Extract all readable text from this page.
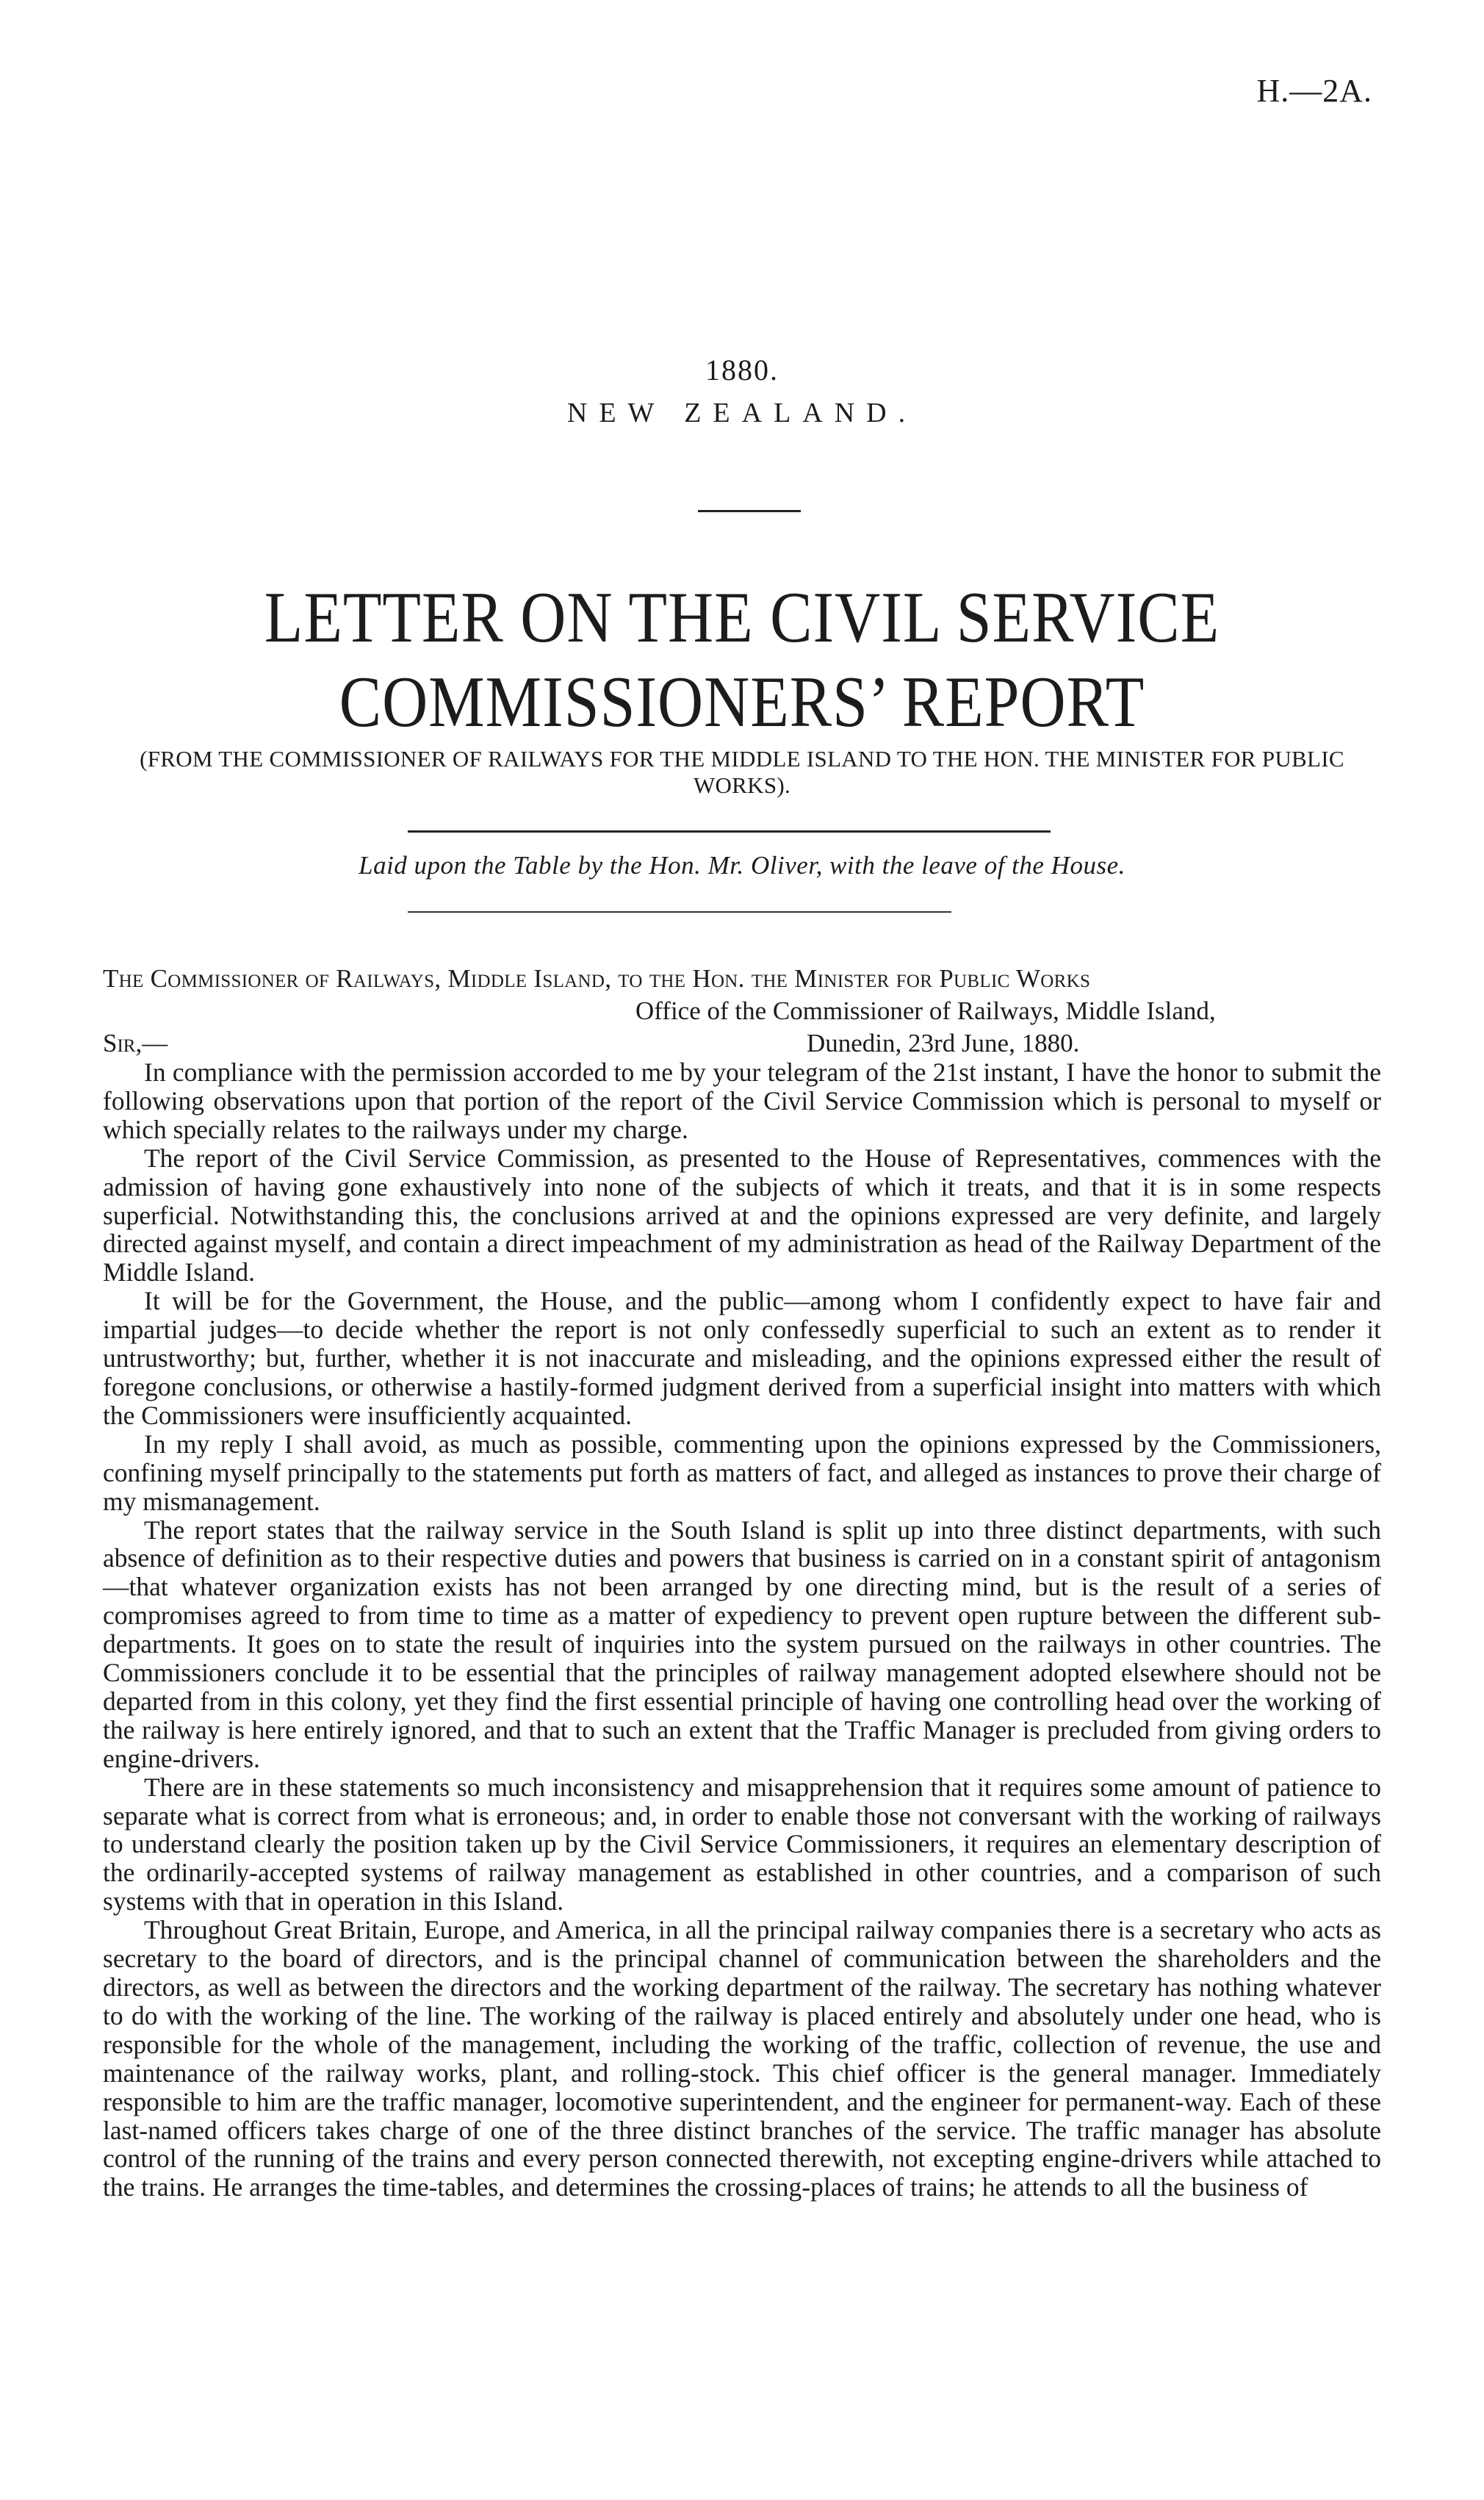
H.—2A.
1880.
NEW ZEALAND.
LETTER ON THE CIVIL SERVICE COMMISSIONERS’ REPORT
(FROM THE COMMISSIONER OF RAILWAYS FOR THE MIDDLE ISLAND TO THE HON. THE MINISTER FOR PUBLIC WORKS).
Laid upon the Table by the Hon. Mr. Oliver, with the leave of the House.
The Commissioner of Railways, Middle Island, to the Hon. the Minister for Public Works
Office of the Commissioner of Railways, Middle Island,
Sir,—	Dunedin, 23rd June, 1880.

In compliance with the permission accorded to me by your telegram of the 21st instant, I have the honor to submit the following observations upon that portion of the report of the Civil Service Commission which is personal to myself or which specially relates to the railways under my charge.

The report of the Civil Service Commission, as presented to the House of Representatives, commences with the admission of having gone exhaustively into none of the subjects of which it treats, and that it is in some respects superficial. Notwithstanding this, the conclusions arrived at and the opinions expressed are very definite, and largely directed against myself, and contain a direct impeachment of my administration as head of the Railway Department of the Middle Island.

It will be for the Government, the House, and the public—among whom I confidently expect to have fair and impartial judges—to decide whether the report is not only confessedly superficial to such an extent as to render it untrustworthy; but, further, whether it is not inaccurate and misleading, and the opinions expressed either the result of foregone conclusions, or otherwise a hastily-formed judgment derived from a superficial insight into matters with which the Commissioners were insufficiently acquainted.

In my reply I shall avoid, as much as possible, commenting upon the opinions expressed by the Commissioners, confining myself principally to the statements put forth as matters of fact, and alleged as instances to prove their charge of my mismanagement.

The report states that the railway service in the South Island is split up into three distinct departments, with such absence of definition as to their respective duties and powers that business is carried on in a constant spirit of antagonism—that whatever organization exists has not been arranged by one directing mind, but is the result of a series of compromises agreed to from time to time as a matter of expediency to prevent open rupture between the different sub-departments. It goes on to state the result of inquiries into the system pursued on the railways in other countries. The Commissioners conclude it to be essential that the principles of railway management adopted elsewhere should not be departed from in this colony, yet they find the first essential principle of having one controlling head over the working of the railway is here entirely ignored, and that to such an extent that the Traffic Manager is precluded from giving orders to engine-drivers.

There are in these statements so much inconsistency and misapprehension that it requires some amount of patience to separate what is correct from what is erroneous; and, in order to enable those not conversant with the working of railways to understand clearly the position taken up by the Civil Service Commissioners, it requires an elementary description of the ordinarily-accepted systems of railway management as established in other countries, and a comparison of such systems with that in operation in this Island.

Throughout Great Britain, Europe, and America, in all the principal railway companies there is a secretary who acts as secretary to the board of directors, and is the principal channel of communication between the shareholders and the directors, as well as between the directors and the working department of the railway. The secretary has nothing whatever to do with the working of the line. The working of the railway is placed entirely and absolutely under one head, who is responsible for the whole of the management, including the working of the traffic, collection of revenue, the use and maintenance of the railway works, plant, and rolling-stock. This chief officer is the general manager. Immediately responsible to him are the traffic manager, locomotive superintendent, and the engineer for permanent-way. Each of these last-named officers takes charge of one of the three distinct branches of the service. The traffic manager has absolute control of the running of the trains and every person connected therewith, not excepting engine-drivers while attached to the trains. He arranges the time-tables, and determines the crossing-places of trains; he attends to all the business of
